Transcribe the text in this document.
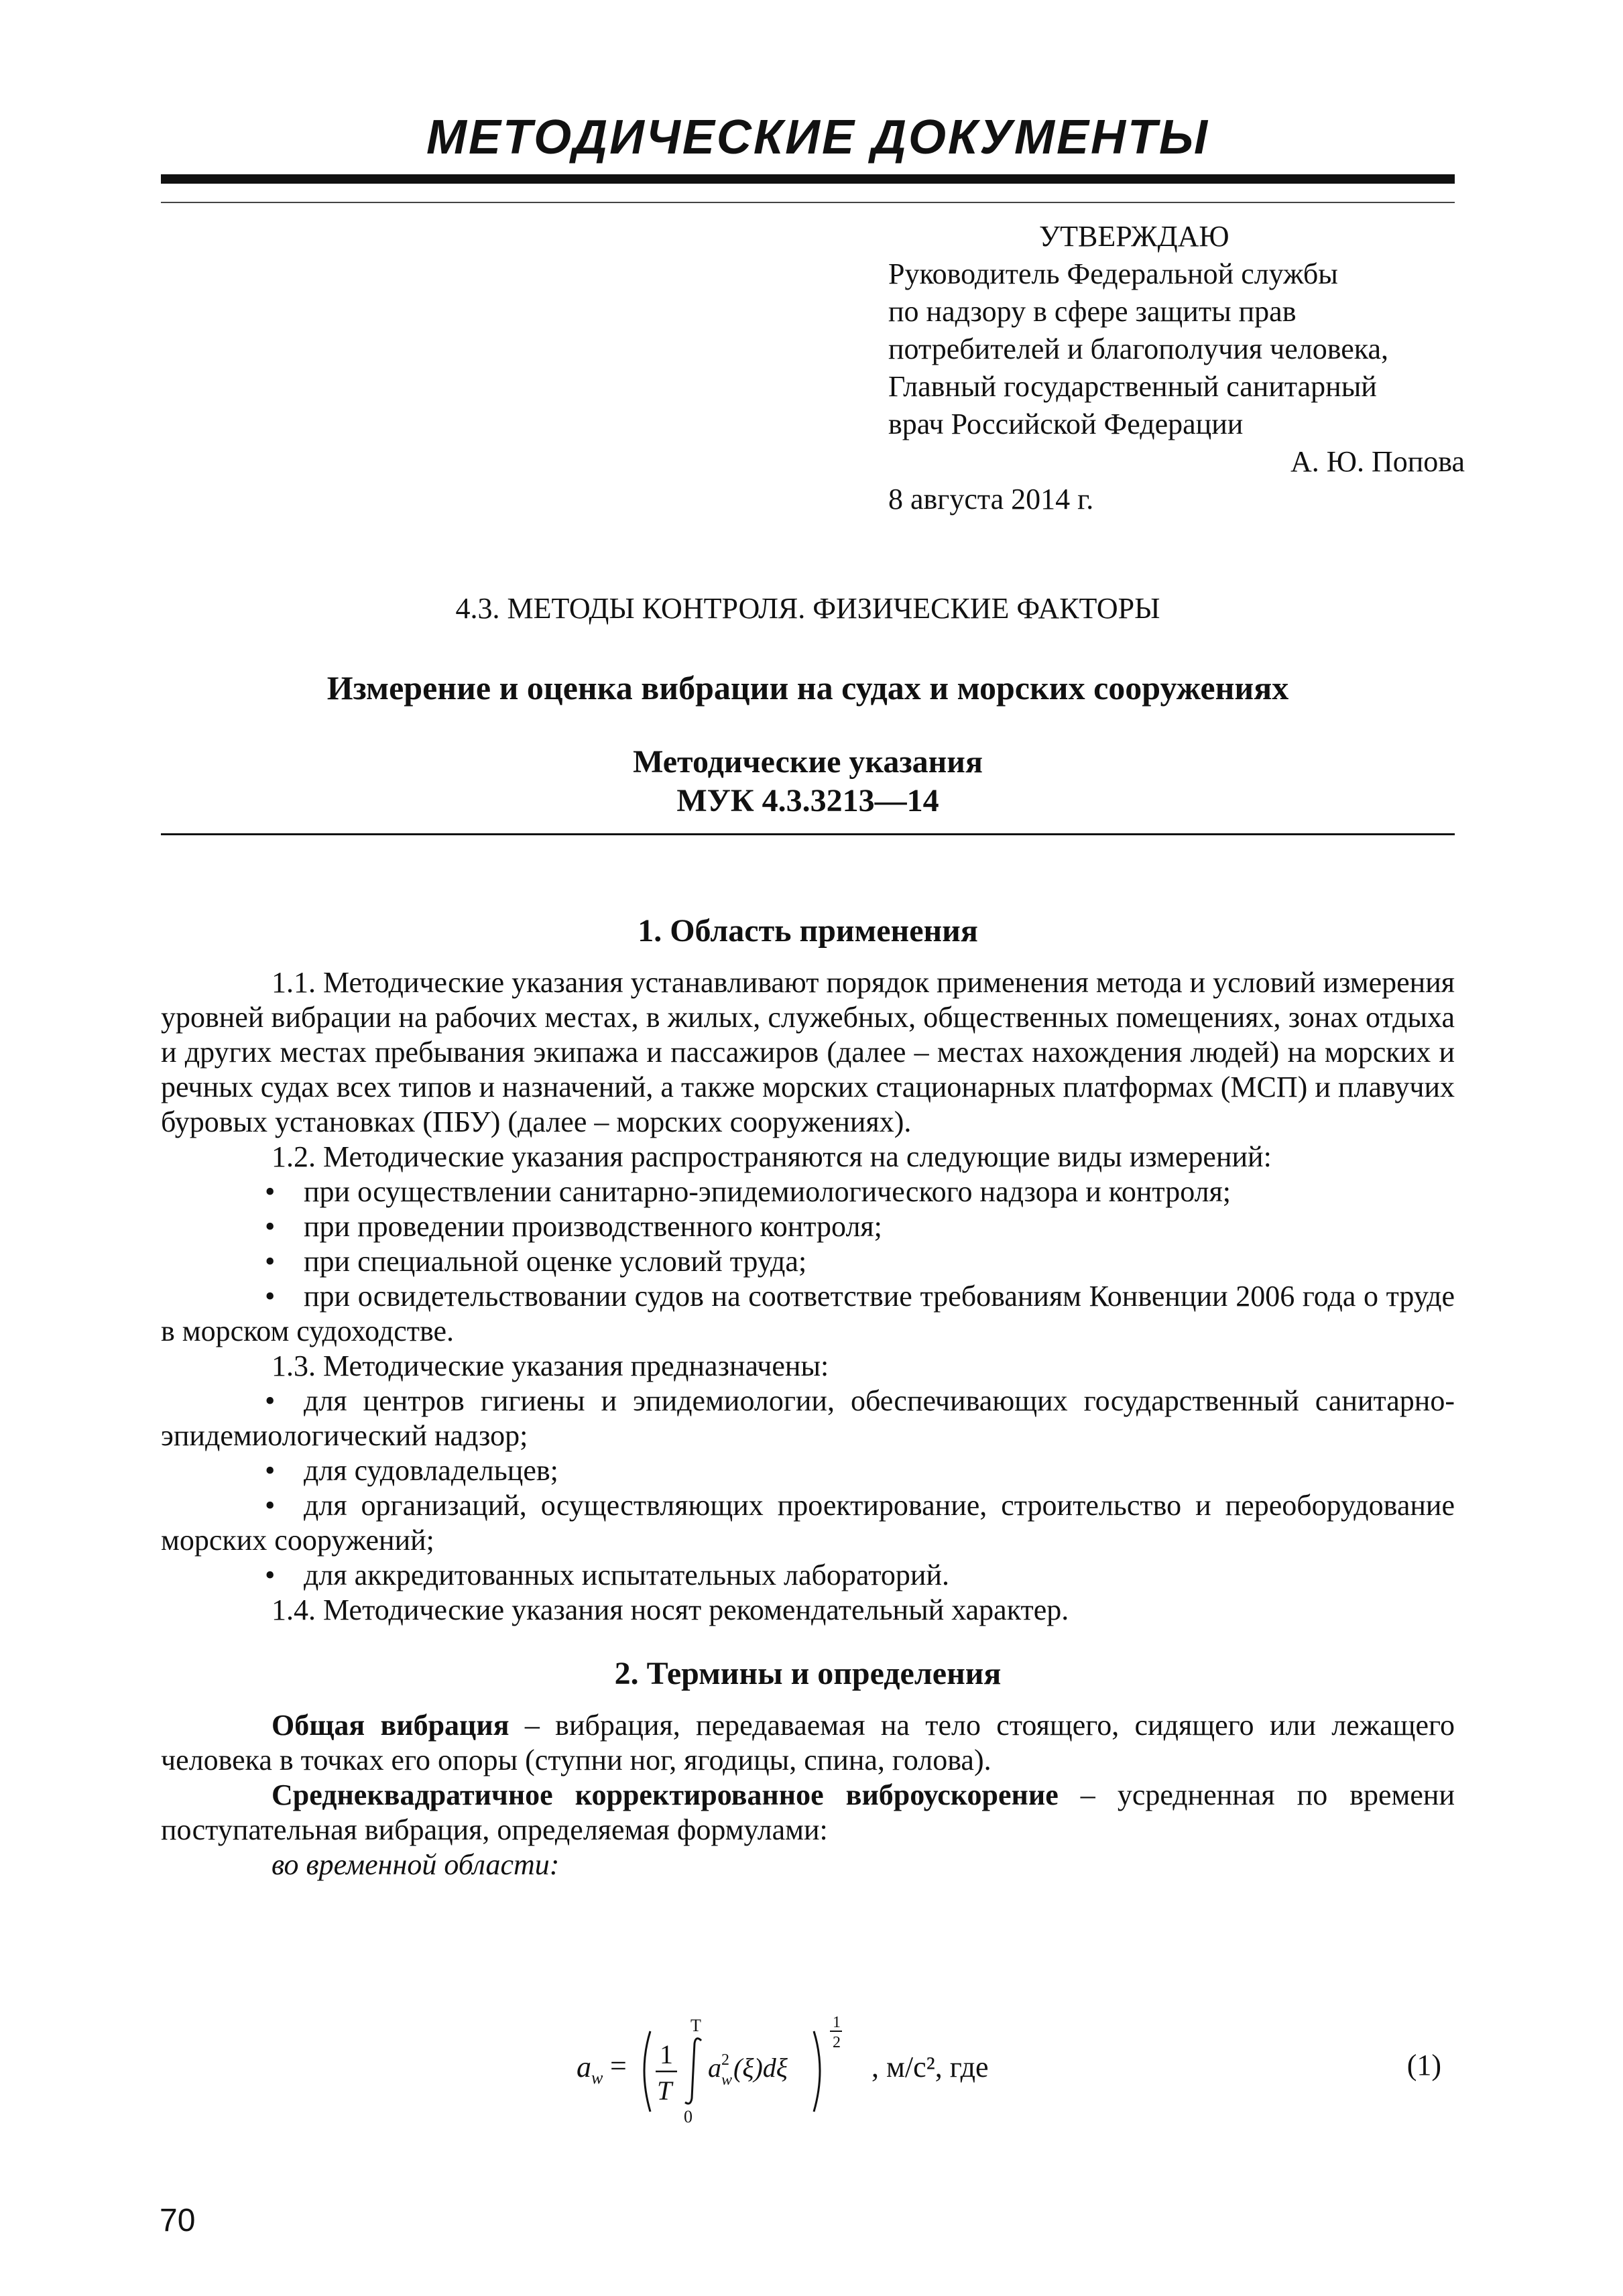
МЕТОДИЧЕСКИЕ ДОКУМЕНТЫ
УТВЕРЖДАЮ
Руководитель Федеральной службы
по надзору в сфере защиты прав
потребителей и благополучия человека,
Главный государственный санитарный
врач Российской Федерации
А. Ю. Попова
8 августа 2014 г.
4.3. МЕТОДЫ КОНТРОЛЯ. ФИЗИЧЕСКИЕ ФАКТОРЫ
Измерение и оценка вибрации на судах и морских сооружениях
Методические указания
МУК 4.3.3213—14
1. Область применения

1.1. Методические указания устанавливают порядок применения метода и условий измерения уровней вибрации на рабочих местах, в жилых, служебных, общественных помещениях, зонах отдыха и других местах пребывания экипажа и пассажиров (далее – местах нахождения людей) на морских и речных судах всех типов и назначений, а также морских стационарных платформах (МСП) и плавучих буровых установках (ПБУ) (далее – морских сооружениях).

1.2. Методические указания распространяются на следующие виды измерений:

• при осуществлении санитарно-эпидемиологического надзора и контроля;
• при проведении производственного контроля;
• при специальной оценке условий труда;
• при освидетельствовании судов на соответствие требованиям Конвенции 2006 года о труде в морском судоходстве.

1.3. Методические указания предназначены:

• для центров гигиены и эпидемиологии, обеспечивающих государственный санитарно-эпидемиологический надзор;
• для судовладельцев;
• для организаций, осуществляющих проектирование, строительство и переоборудование морских сооружений;
• для аккредитованных испытательных лабораторий.

1.4. Методические указания носят рекомендательный характер.

2. Термины и определения

Общая вибрация – вибрация, передаваемая на тело стоящего, сидящего или лежащего человека в точках его опоры (ступни ног, ягодицы, спина, голова).

Среднеквадратичное корректированное виброускорение – усредненная по времени поступательная вибрация, определяемая формулами:

во временной области:

a w = 1
T
T
0
a 2
w (ξ)dξ
1
2
, м/с², где	(1)
70
